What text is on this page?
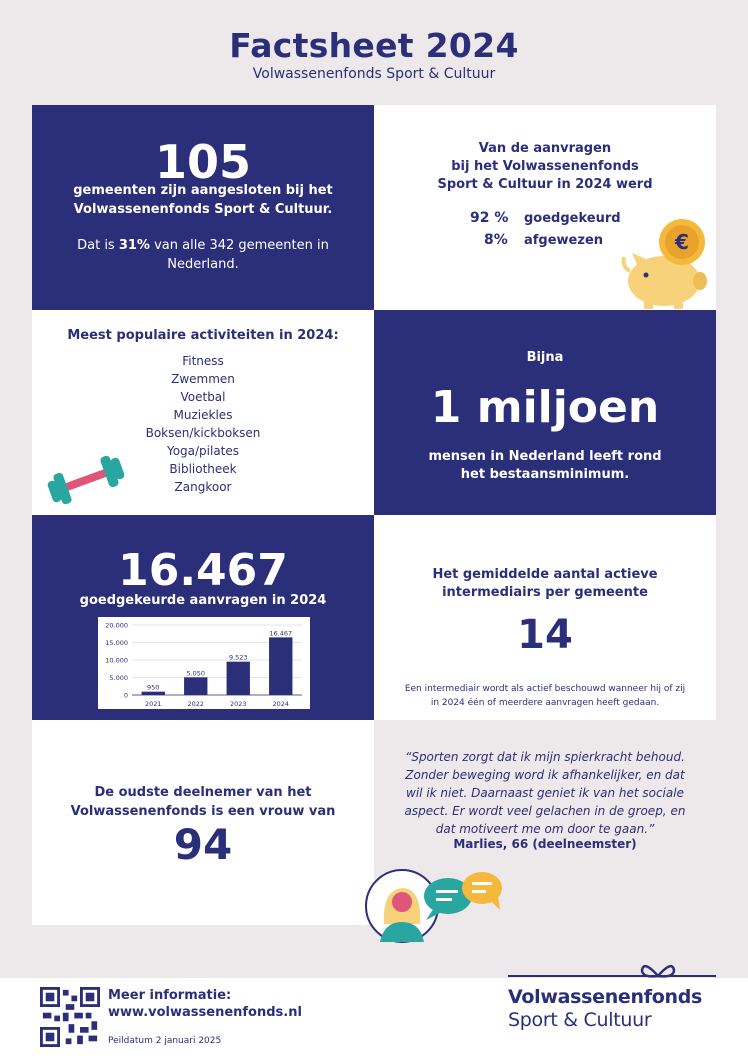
Factsheet 2024
Volwassenenfonds Sport & Cultuur
105
gemeenten zijn aangesloten bij het
Volwassenenfonds Sport & Cultuur.
Dat is 31% van alle 342 gemeenten in
Nederland.
Van de aanvragen
bij het Volwassenenfonds
Sport & Cultuur in 2024 werd
92 % goedgekeurd
8% afgewezen	€
Meest populaire activiteiten in 2024:
Fitness
Zwemmen
Voetbal
Muziekles
Boksen/kickboksen
Yoga/pilates
Bibliotheek
Zangkoor
Bijna
1 miljoen
mensen in Nederland leeft rond
het bestaansminimum.
16.467
goedgekeurde aanvragen in 2024
0
5.000
10.000
15.000
20.000
950
2021
5.050
2022
9.523
2023
16.467
2024
Het gemiddelde aantal actieve
intermediairs per gemeente
14
Een intermediair wordt als actief beschouwd wanneer hij of zij
in 2024 één of meerdere aanvragen heeft gedaan.
De oudste deelnemer van het
Volwassenenfonds is een vrouw van
94
“Sporten zorgt dat ik mijn spierkracht behoud.
Zonder beweging word ik afhankelijker, en dat
wil ik niet. Daarnaast geniet ik van het sociale
aspect. Er wordt veel gelachen in de groep, en
dat motiveert me om door te gaan.”
Marlies, 66 (deelneemster)
Meer informatie:
www.volwassenenfonds.nl
Peildatum 2 januari 2025
Volwassenenfonds
Sport & Cultuur
